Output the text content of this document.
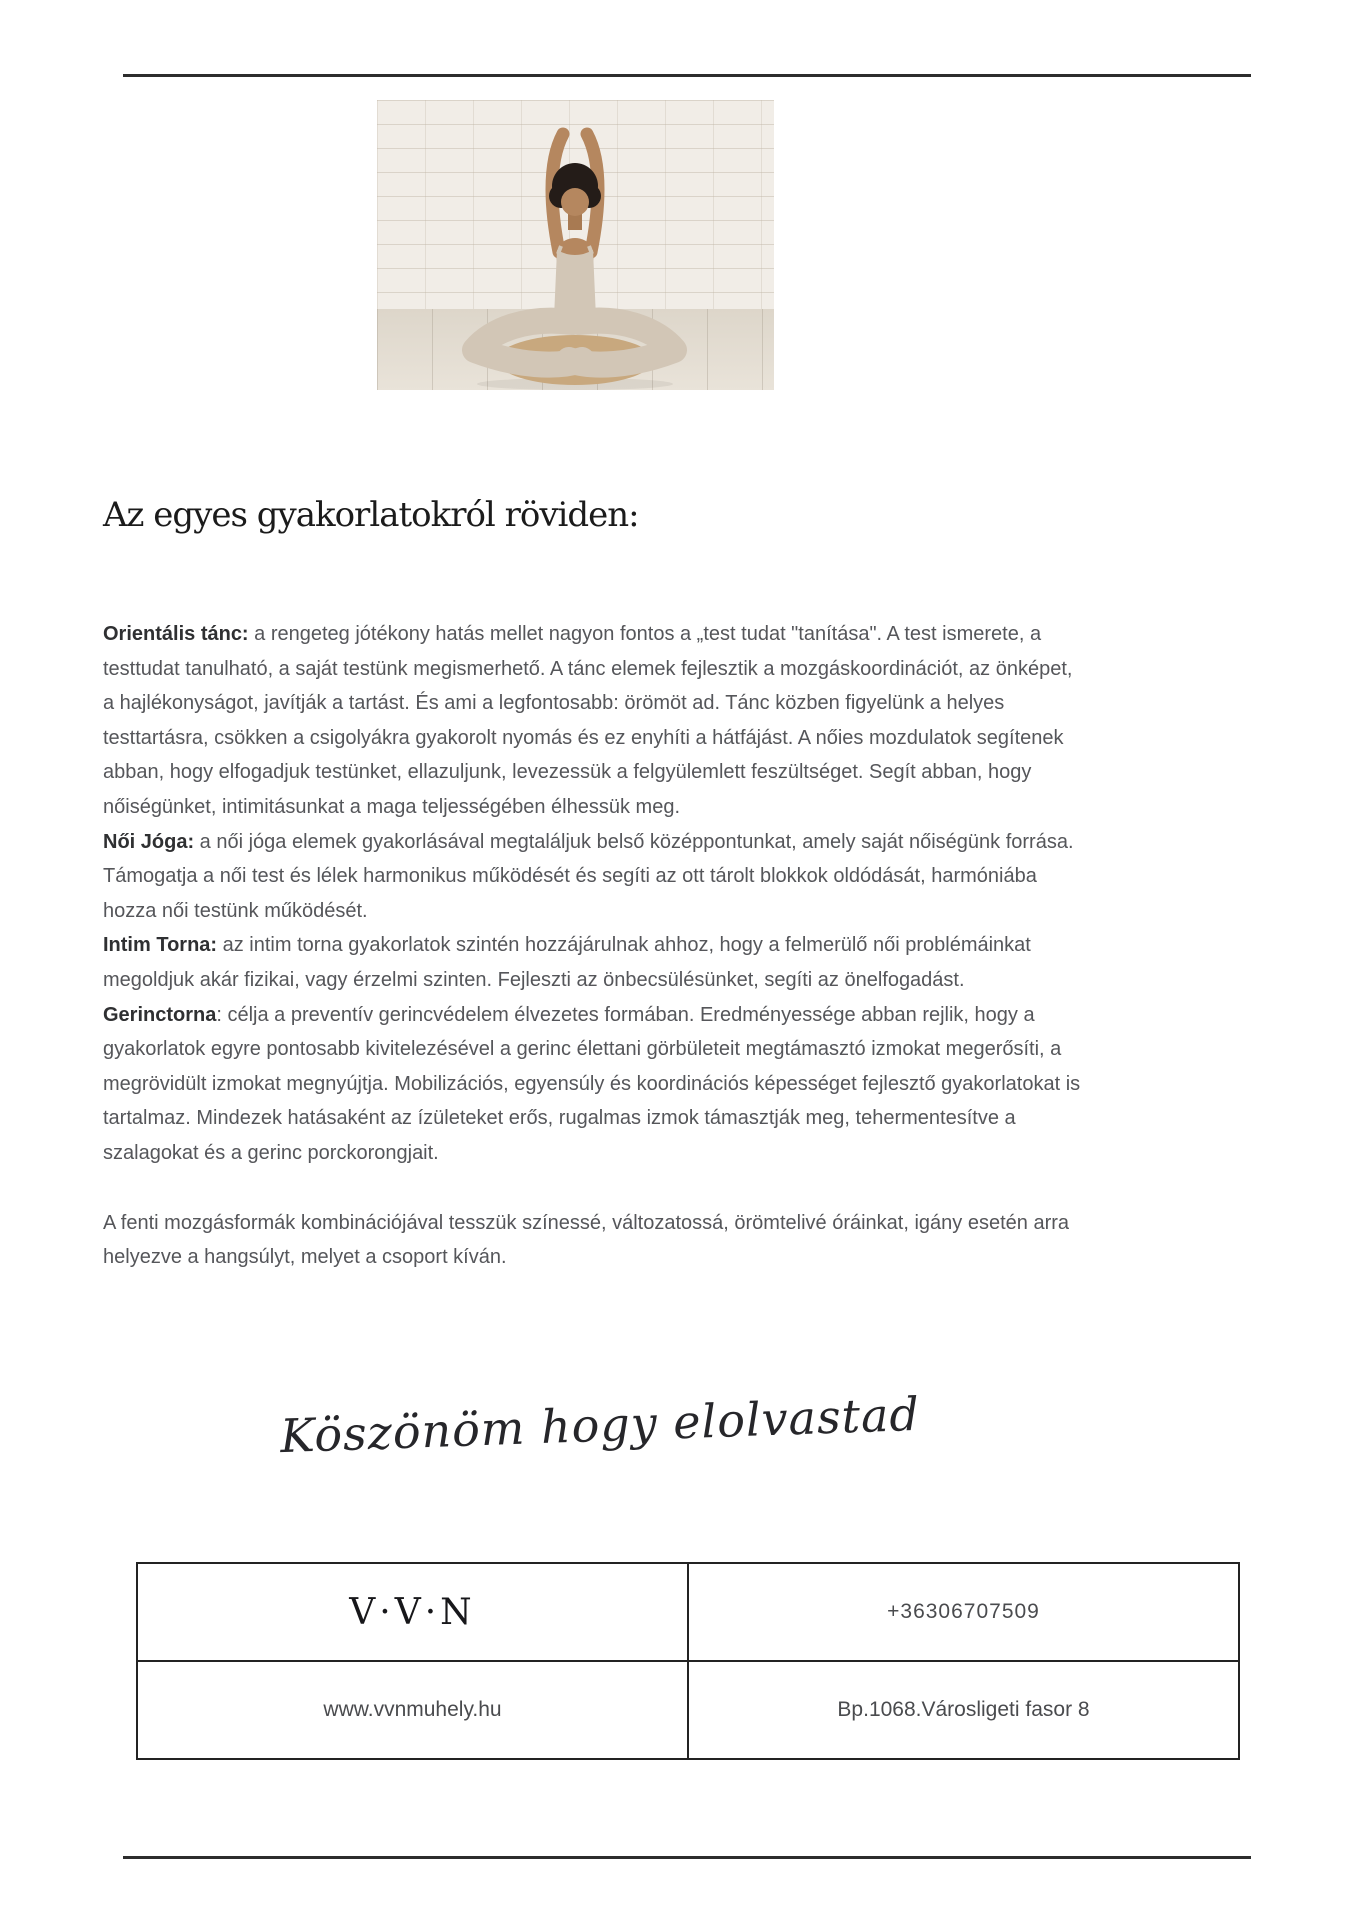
Az egyes gyakorlatokról röviden:

Orientális tánc: a rengeteg jótékony hatás mellet nagyon fontos a „test tudat "tanítása". A test ismerete, a testtudat tanulható, a saját testünk megismerhető. A tánc elemek fejlesztik a mozgáskoordinációt, az önképet, a hajlékonyságot, javítják a tartást. És ami a legfontosabb: örömöt ad. Tánc közben figyelünk a helyes testtartásra, csökken a csigolyákra gyakorolt nyomás és ez enyhíti a hátfájást. A nőies mozdulatok segítenek abban, hogy elfogadjuk testünket, ellazuljunk, levezessük a felgyülemlett feszültséget. Segít abban, hogy nőiségünket, intimitásunkat a maga teljességében élhessük meg.

Női Jóga: a női jóga elemek gyakorlásával megtaláljuk belső középpontunkat, amely saját nőiségünk forrása. Támogatja a női test és lélek harmonikus működését és segíti az ott tárolt blokkok oldódását, harmóniába hozza női testünk működését.

Intim Torna: az intim torna gyakorlatok szintén hozzájárulnak ahhoz, hogy a felmerülő női problémáinkat megoldjuk akár fizikai, vagy érzelmi szinten. Fejleszti az önbecsülésünket, segíti az önelfogadást.

Gerinctorna: célja a preventív gerincvédelem élvezetes formában. Eredményessége abban rejlik, hogy a gyakorlatok egyre pontosabb kivitelezésével a gerinc élettani görbületeit megtámasztó izmokat megerősíti, a megrövidült izmokat megnyújtja. Mobilizációs, egyensúly és koordinációs képességet fejlesztő gyakorlatokat is tartalmaz. Mindezek hatásaként az ízületeket erős, rugalmas izmok támasztják meg, tehermentesítve a szalagokat és a gerinc porckorongjait.

A fenti mozgásformák kombinációjával tesszük színessé, változatossá, örömtelivé óráinkat, igány esetén arra helyezve a hangsúlyt, melyet a csoport kíván.

Köszönöm hogy elolvastad
V·V·N	+36306707509
www.vvnmuhely.hu	Bp.1068.Városligeti fasor 8
